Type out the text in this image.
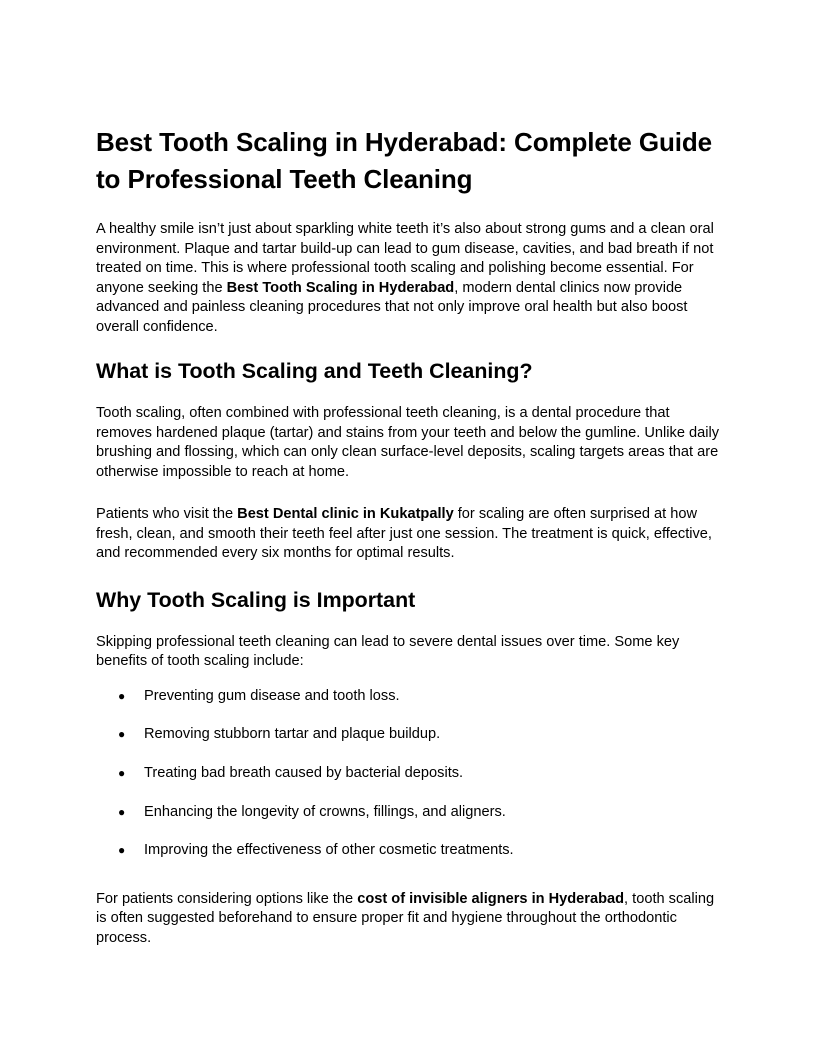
Best Tooth Scaling in Hyderabad: Complete Guide to Professional Teeth Cleaning

A healthy smile isn’t just about sparkling white teeth it’s also about strong gums and a clean oral environment. Plaque and tartar build-up can lead to gum disease, cavities, and bad breath if not treated on time. This is where professional tooth scaling and polishing become essential. For anyone seeking the Best Tooth Scaling in Hyderabad, modern dental clinics now provide advanced and painless cleaning procedures that not only improve oral health but also boost overall confidence.

What is Tooth Scaling and Teeth Cleaning?

Tooth scaling, often combined with professional teeth cleaning, is a dental procedure that removes hardened plaque (tartar) and stains from your teeth and below the gumline. Unlike daily brushing and flossing, which can only clean surface-level deposits, scaling targets areas that are otherwise impossible to reach at home.

Patients who visit the Best Dental clinic in Kukatpally for scaling are often surprised at how fresh, clean, and smooth their teeth feel after just one session. The treatment is quick, effective, and recommended every six months for optimal results.

Why Tooth Scaling is Important

Skipping professional teeth cleaning can lead to severe dental issues over time. Some key benefits of tooth scaling include:

● Preventing gum disease and tooth loss.
● Removing stubborn tartar and plaque buildup.
● Treating bad breath caused by bacterial deposits.
● Enhancing the longevity of crowns, fillings, and aligners.
● Improving the effectiveness of other cosmetic treatments.

For patients considering options like the cost of invisible aligners in Hyderabad, tooth scaling is often suggested beforehand to ensure proper fit and hygiene throughout the orthodontic process.
